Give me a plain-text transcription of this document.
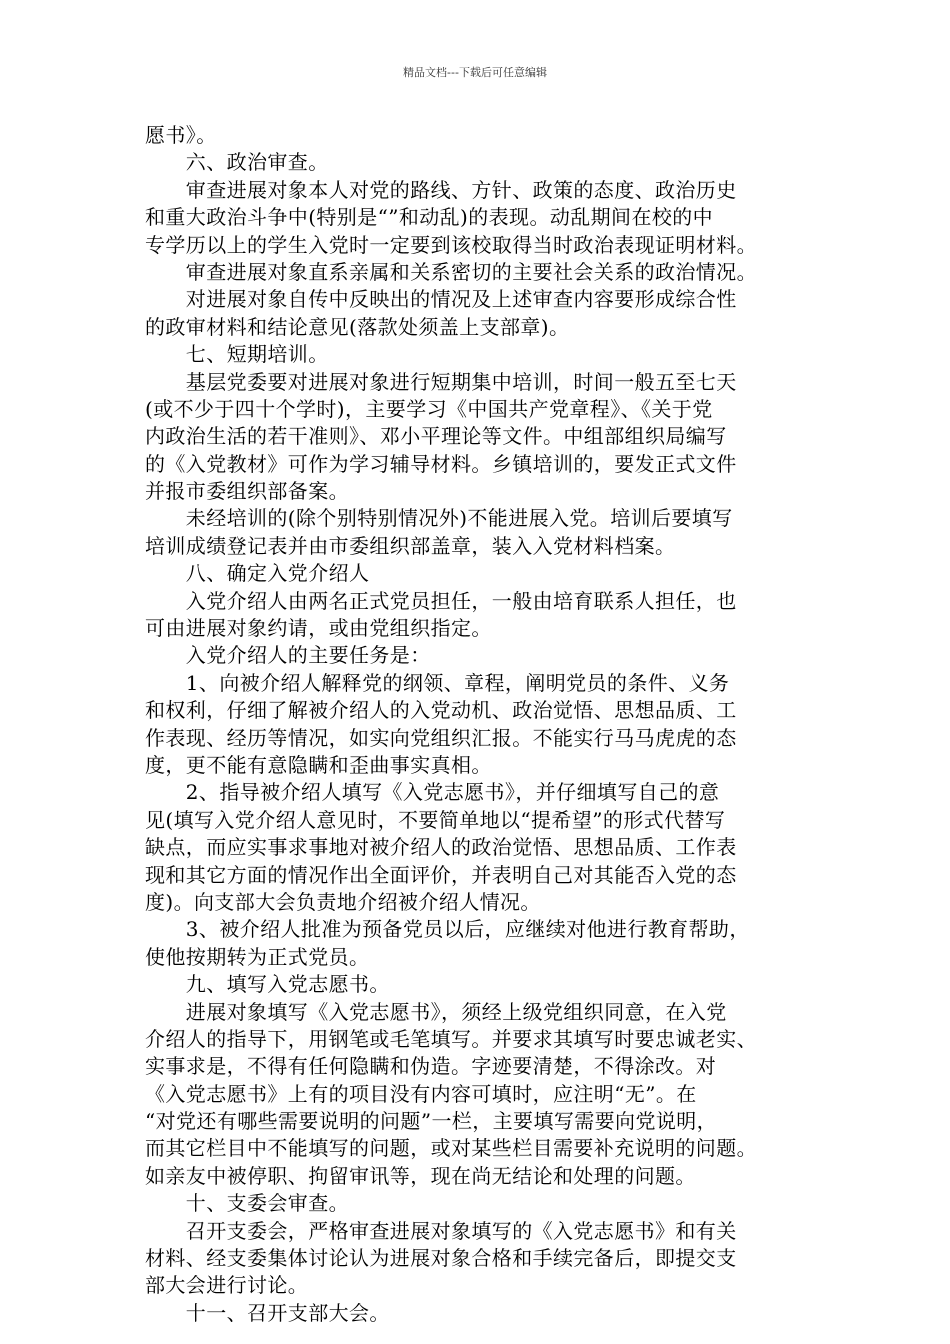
精品文档---下载后可任意编辑
愿书》。
　　六、政治审查。
　　审查进展对象本人对党的路线、方针、政策的态度、政治历史
和重大政治斗争中(特别是“”和动乱)的表现。动乱期间在校的中
专学历以上的学生入党时一定要到该校取得当时政治表现证明材料。
　　审查进展对象直系亲属和关系密切的主要社会关系的政治情况。
　　对进展对象自传中反映出的情况及上述审查内容要形成综合性
的政审材料和结论意见(落款处须盖上支部章)。
　　七、短期培训。
　　基层党委要对进展对象进行短期集中培训，时间一般五至七天
(或不少于四十个学时)，主要学习《中国共产党章程》、《关于党
内政治生活的若干准则》、邓小平理论等文件。中组部组织局编写
的《入党教材》可作为学习辅导材料。乡镇培训的，要发正式文件
并报市委组织部备案。
　　未经培训的(除个别特别情况外)不能进展入党。培训后要填写
培训成绩登记表并由市委组织部盖章，装入入党材料档案。
　　八、确定入党介绍人
　　入党介绍人由两名正式党员担任，一般由培育联系人担任，也
可由进展对象约请，或由党组织指定。
　　入党介绍人的主要任务是：
　　1、向被介绍人解释党的纲领、章程，阐明党员的条件、义务
和权利，仔细了解被介绍人的入党动机、政治觉悟、思想品质、工
作表现、经历等情况，如实向党组织汇报。不能实行马马虎虎的态
度，更不能有意隐瞒和歪曲事实真相。
　　2、指导被介绍人填写《入党志愿书》，并仔细填写自己的意
见(填写入党介绍人意见时，不要简单地以“提希望”的形式代替写
缺点，而应实事求事地对被介绍人的政治觉悟、思想品质、工作表
现和其它方面的情况作出全面评价，并表明自己对其能否入党的态
度)。向支部大会负责地介绍被介绍人情况。
　　3、被介绍人批准为预备党员以后，应继续对他进行教育帮助，
使他按期转为正式党员。
　　九、填写入党志愿书。
　　进展对象填写《入党志愿书》，须经上级党组织同意，在入党
介绍人的指导下，用钢笔或毛笔填写。并要求其填写时要忠诚老实、
实事求是，不得有任何隐瞒和伪造。字迹要清楚，不得涂改。对
《入党志愿书》上有的项目没有内容可填时，应注明“无”。在
“对党还有哪些需要说明的问题”一栏，主要填写需要向党说明，
而其它栏目中不能填写的问题，或对某些栏目需要补充说明的问题。
如亲友中被停职、拘留审讯等，现在尚无结论和处理的问题。
　　十、支委会审查。
　　召开支委会，严格审查进展对象填写的《入党志愿书》和有关
材料、经支委集体讨论认为进展对象合格和手续完备后，即提交支
部大会进行讨论。
　　十一、召开支部大会。
